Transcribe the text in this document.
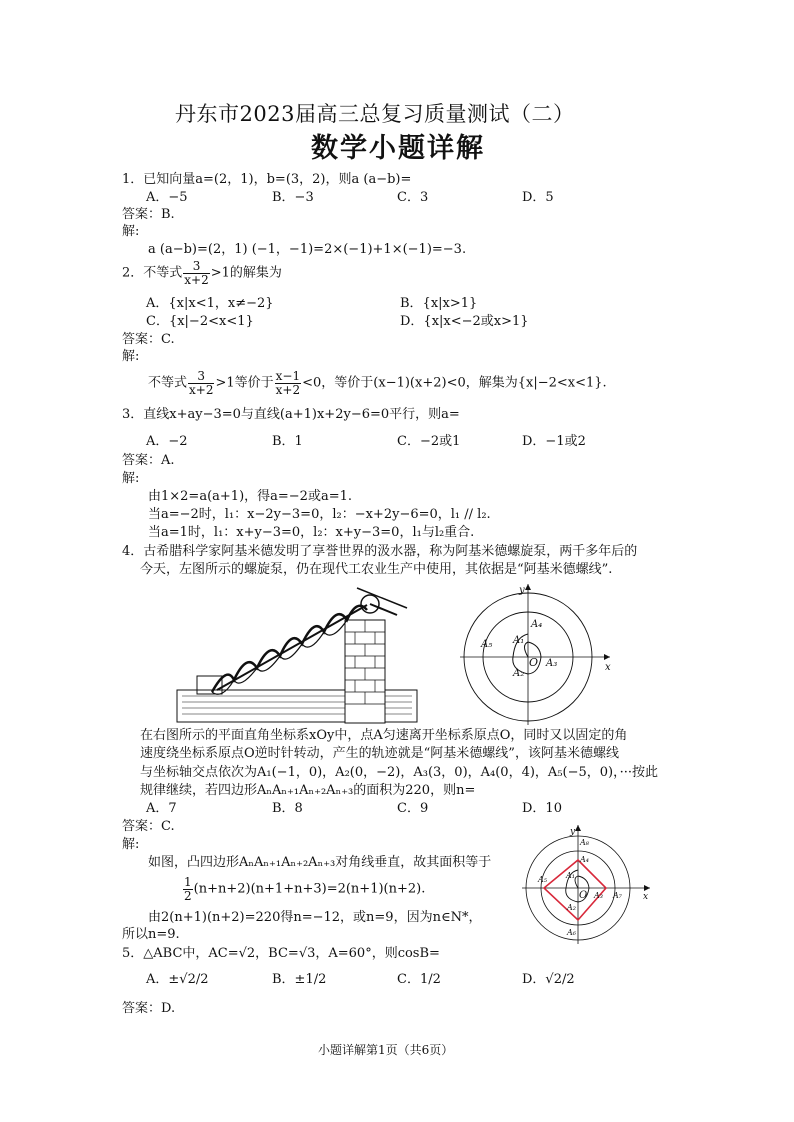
丹东市2023届高三总复习质量测试（二）
数学小题详解
1．已知向量a=(2，1)，b=(3，2)，则a (a−b)=
A．−5	B．−3	C．3	D．5
答案：B.
解:
a (a−b)=(2，1) (−1，−1)=2×(−1)+1×(−1)=−3.
2．不等式 $\frac{3}{x+2} >1$的解集为
A．{x|x<1，x≠−2}	B．{x|x>1}
C．{x|−2<x<1}	D．{x|x<−2或x>1}
答案：C.
解:
不等式 $\frac{3}{x+2} >1$等价于 $\frac{x-1}{x+2} <0$，等价于(x−1)(x+2)<0，解集为{x|−2<x<1}.
3．直线x+ay−3=0与直线(a+1)x+2y−6=0平行，则a=
A．−2	B．1	C．−2或1	D．−1或2
答案：A.
解:
由1×2=a(a+1)，得a=−2或a=1.
当a=−2时，l₁：x−2y−3=0，l₂：−x+2y−6=0，l₁ // l₂.
当a=1时，l₁：x+y−3=0，l₂：x+y−3=0，l₁与l₂重合.
4．古希腊科学家阿基米德发明了享誉世界的汲水器，称为阿基米德螺旋泵，两千多年后的
今天，左图所示的螺旋泵，仍在现代工农业生产中使用，其依据是“阿基米德螺线”.
y
x
O
A₁
A₂
A₃
A₄
A₅
在右图所示的平面直角坐标系xOy中，点A匀速离开坐标系原点O，同时又以固定的角
速度绕坐标系原点O逆时针转动，产生的轨迹就是“阿基米德螺线”，该阿基米德螺线
与坐标轴交点依次为A₁(−1，0)，A₂(0，−2)，A₃(3，0)，A₄(0，4)，A₅(−5，0)，···按此
规律继续，若四边形AₙAₙ₊₁Aₙ₊₂Aₙ₊₃的面积为220，则n=
A．7	B．8	C．9	D．10
答案：C.
解:
如图，凸四边形AₙAₙ₊₁Aₙ₊₂Aₙ₊₃对角线垂直，故其面积等于
$\frac{1}{2} (n+n+2)(n+1+n+3)=2(n+1)(n+2)$.
由2(n+1)(n+2)=220得n=−12，或n=9，因为n∈N*，
所以n=9.
y
x
O
A₁
A₂
A₃
A₄
A₅
A₆
A₇
A₈
5．△ABC中，AC=√2，BC=√3，A=60°，则cosB=
A．±√2/2	B．±1/2	C．1/2	D．√2/2
答案：D.
小题详解第1页（共6页）
